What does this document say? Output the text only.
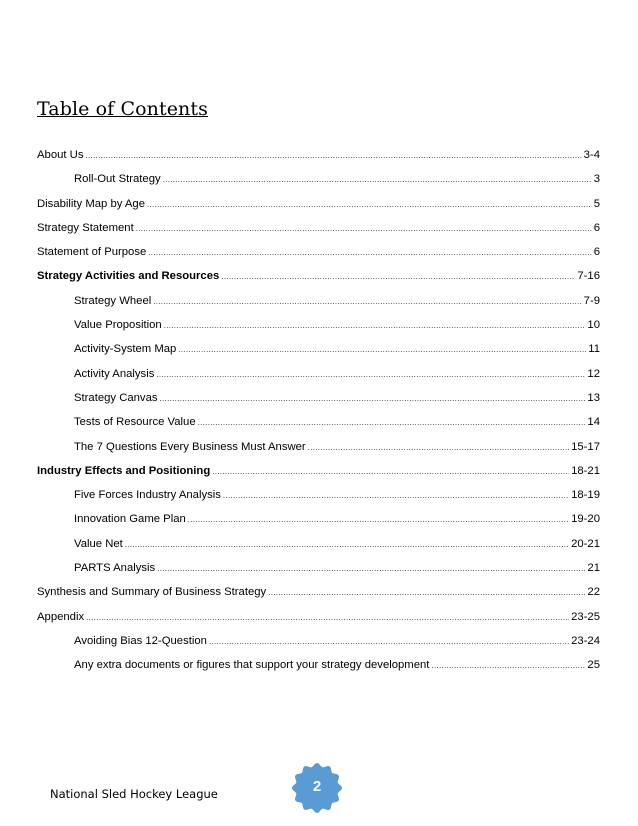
Table of Contents
About Us .....	3-4
Roll-Out Strategy .....	3
Disability Map by Age .....	5
Strategy Statement .....	6
Statement of Purpose .....	6
Strategy Activities and Resources .....	7-16
Strategy Wheel .....	7-9
Value Proposition .....	10
Activity-System Map .....	11
Activity Analysis .....	12
Strategy Canvas .....	13
Tests of Resource Value .....	14
The 7 Questions Every Business Must Answer .....	15-17
Industry Effects and Positioning .....	18-21
Five Forces Industry Analysis .....	18-19
Innovation Game Plan .....	19-20
Value Net .....	20-21
PARTS Analysis .....	21
Synthesis and Summary of Business Strategy .....	22
Appendix .....	23-25
Avoiding Bias 12-Question .....	23-24
Any extra documents or figures that support your strategy development .....	25
National Sled Hockey League	2
